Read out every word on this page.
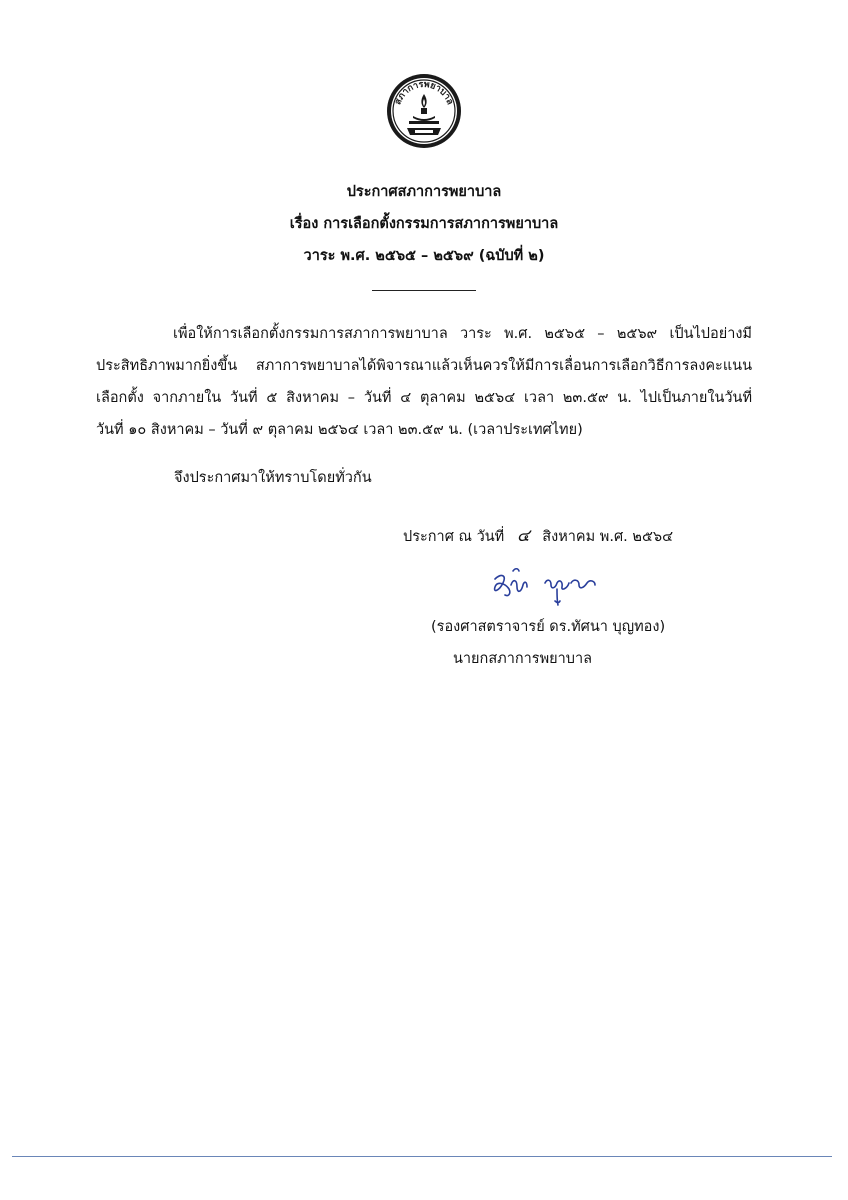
สภาการพยาบาล
ประกาศสภาการพยาบาล
เรื่อง การเลือกตั้งกรรมการสภาการพยาบาล
วาระ พ.ศ. ๒๕๖๕ – ๒๕๖๙ (ฉบับที่ ๒)
เพื่อให้การเลือกตั้งกรรมการสภาการพยาบาล วาระ พ.ศ. ๒๕๖๕ – ๒๕๖๙ เป็นไปอย่างมี
ประสิทธิภาพมากยิ่งขึ้น สภาการพยาบาลได้พิจารณาแล้วเห็นควรให้มีการเลื่อนการเลือกวิธีการลงคะแนน
เลือกตั้ง จากภายใน วันที่ ๕ สิงหาคม – วันที่ ๔ ตุลาคม ๒๕๖๔ เวลา ๒๓.๕๙ น. ไปเป็นภายในวันที่
วันที่ ๑๐ สิงหาคม – วันที่ ๙ ตุลาคม ๒๕๖๔ เวลา ๒๓.๕๙ น. (เวลาประเทศไทย)
จึงประกาศมาให้ทราบโดยทั่วกัน
ประกาศ ณ วันที่ ๔ สิงหาคม พ.ศ. ๒๕๖๔
(รองศาสตราจารย์ ดร.ทัศนา บุญทอง)
นายกสภาการพยาบาล
